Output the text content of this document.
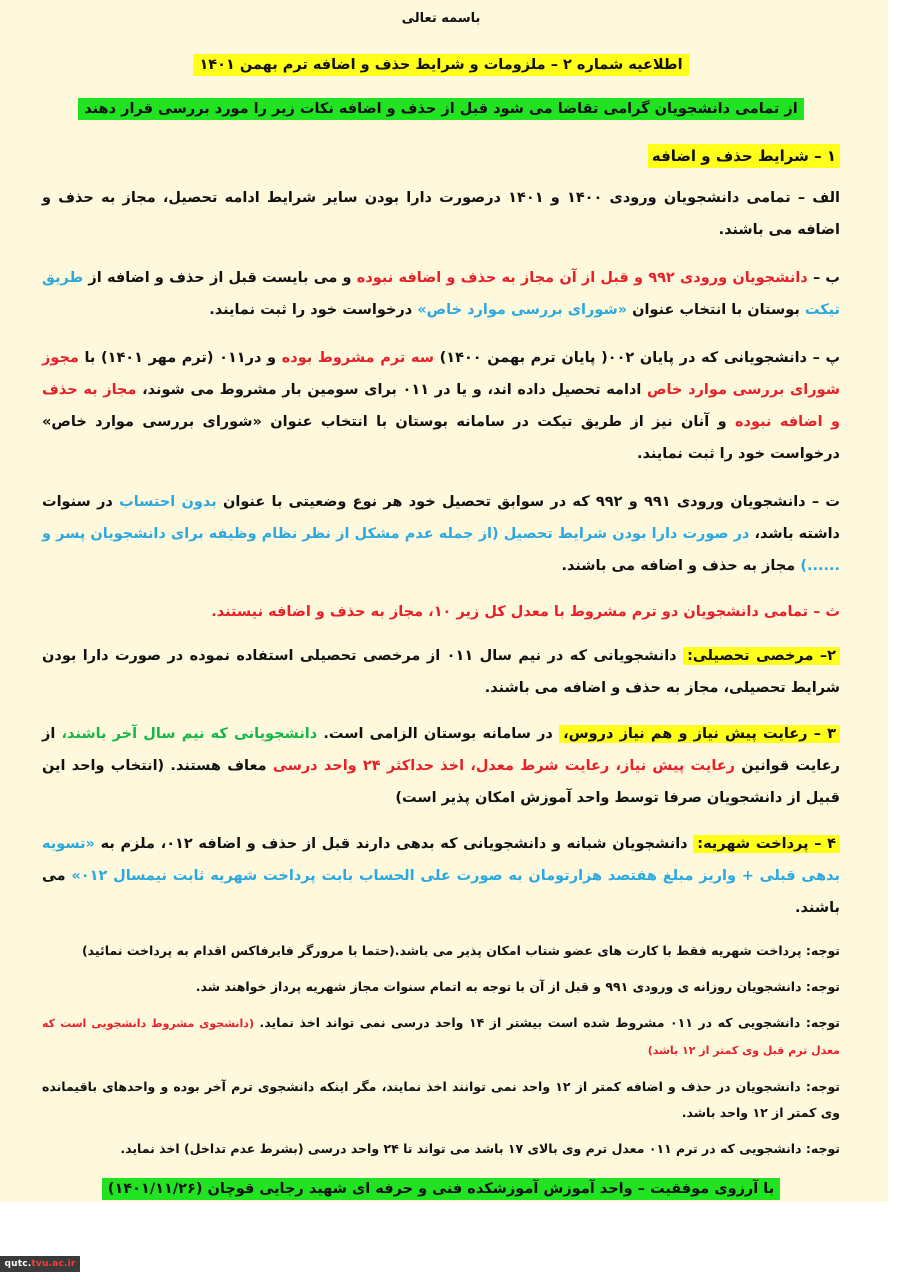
باسمه تعالی
اطلاعیه شماره ۲ – ملزومات و شرایط حذف و اضافه ترم بهمن ۱۴۰۱
از تمامی دانشجویان گرامی تقاضا می شود قبل از حذف و اضافه نکات زیر را مورد بررسی قرار دهند
۱ – شرایط حذف و اضافه

الف – تمامی دانشجویان ورودی ۱۴۰۰ و ۱۴۰۱ درصورت دارا بودن سایر شرایط ادامه تحصیل، مجاز به حذف و اضافه می باشند.

ب – دانشجویان ورودی ۹۹۲ و قبل از آن مجاز به حذف و اضافه نبوده و می بایست قبل از حذف و اضافه از طریق تیکت بوستان با انتخاب عنوان «شورای بررسی موارد خاص» درخواست خود را ثبت نمایند.

پ – دانشجویانی که در پایان ۰۰۲( پایان ترم بهمن ۱۴۰۰) سه ترم مشروط بوده و در۰۱۱ (ترم مهر ۱۴۰۱) با مجوز شورای بررسی موارد خاص ادامه تحصیل داده اند، و یا در ۰۱۱ برای سومین بار مشروط می شوند، مجاز به حذف و اضافه نبوده و آنان نیز از طریق تیکت در سامانه بوستان با انتخاب عنوان «شورای بررسی موارد خاص» درخواست خود را ثبت نمایند.

ت – دانشجویان ورودی ۹۹۱ و ۹۹۲ که در سوابق تحصیل خود هر نوع وضعیتی با عنوان بدون احتساب در سنوات داشته باشد، در صورت دارا بودن شرایط تحصیل (از جمله عدم مشکل از نظر نظام وظیفه برای دانشجویان پسر و ......) مجاز به حذف و اضافه می باشند.

ث – تمامی دانشجویان دو ترم مشروط با معدل کل زیر ۱۰، مجاز به حذف و اضافه نیستند.

۲– مرخصی تحصیلی: دانشجویانی که در نیم سال ۰۱۱ از مرخصی تحصیلی استفاده نموده در صورت دارا بودن شرایط تحصیلی، مجاز به حذف و اضافه می باشند.

۳ – رعایت پیش نیاز و هم نیاز دروس، در سامانه بوستان الزامی است. دانشجویانی که نیم سال آخر باشند، از رعایت قوانین رعایت پیش نیاز، رعایت شرط معدل، اخذ حداکثر ۲۴ واحد درسی معاف هستند. (انتخاب واحد این قبیل از دانشجویان صرفا توسط واحد آموزش امکان پذیر است)

۴ – پرداخت شهریه: دانشجویان شبانه و دانشجویانی که بدهی دارند قبل از حذف و اضافه ۰۱۲، ملزم به «تسویه بدهی قبلی + واریز مبلغ هفتصد هزارتومان به صورت علی الحساب بابت پرداخت شهریه ثابت نیمسال ۰۱۲» می باشند.

توجه: پرداخت شهریه فقط با کارت های عضو شتاب امکان پذیر می باشد.(حتما با مرورگر فایرفاکس اقدام به پرداخت نمائید)

توجه: دانشجویان روزانه ی ورودی ۹۹۱ و قبل از آن با توجه به اتمام سنوات مجاز شهریه پرداز خواهند شد.

توجه: دانشجویی که در ۰۱۱ مشروط شده است بیشتر از ۱۴ واحد درسی نمی تواند اخذ نماید. (دانشجوی مشروط دانشجویی است که معدل ترم قبل وی کمتر از ۱۲ باشد)

توجه: دانشجویان در حذف و اضافه کمتر از ۱۲ واحد نمی توانند اخذ نمایند، مگر اینکه دانشجوی ترم آخر بوده و واحدهای باقیمانده وی کمتر از ۱۲ واحد باشد.

توجه: دانشجویی که در ترم ۰۱۱ معدل ترم وی بالای ۱۷ باشد می تواند تا ۲۴ واحد درسی (بشرط عدم تداخل) اخذ نماید.

با آرزوی موفقیت – واحد آموزش آموزشکده فنی و حرفه ای شهید رجایی قوچان (۱۴۰۱/۱۱/۲۶)
qutc.tvu.ac.ir
